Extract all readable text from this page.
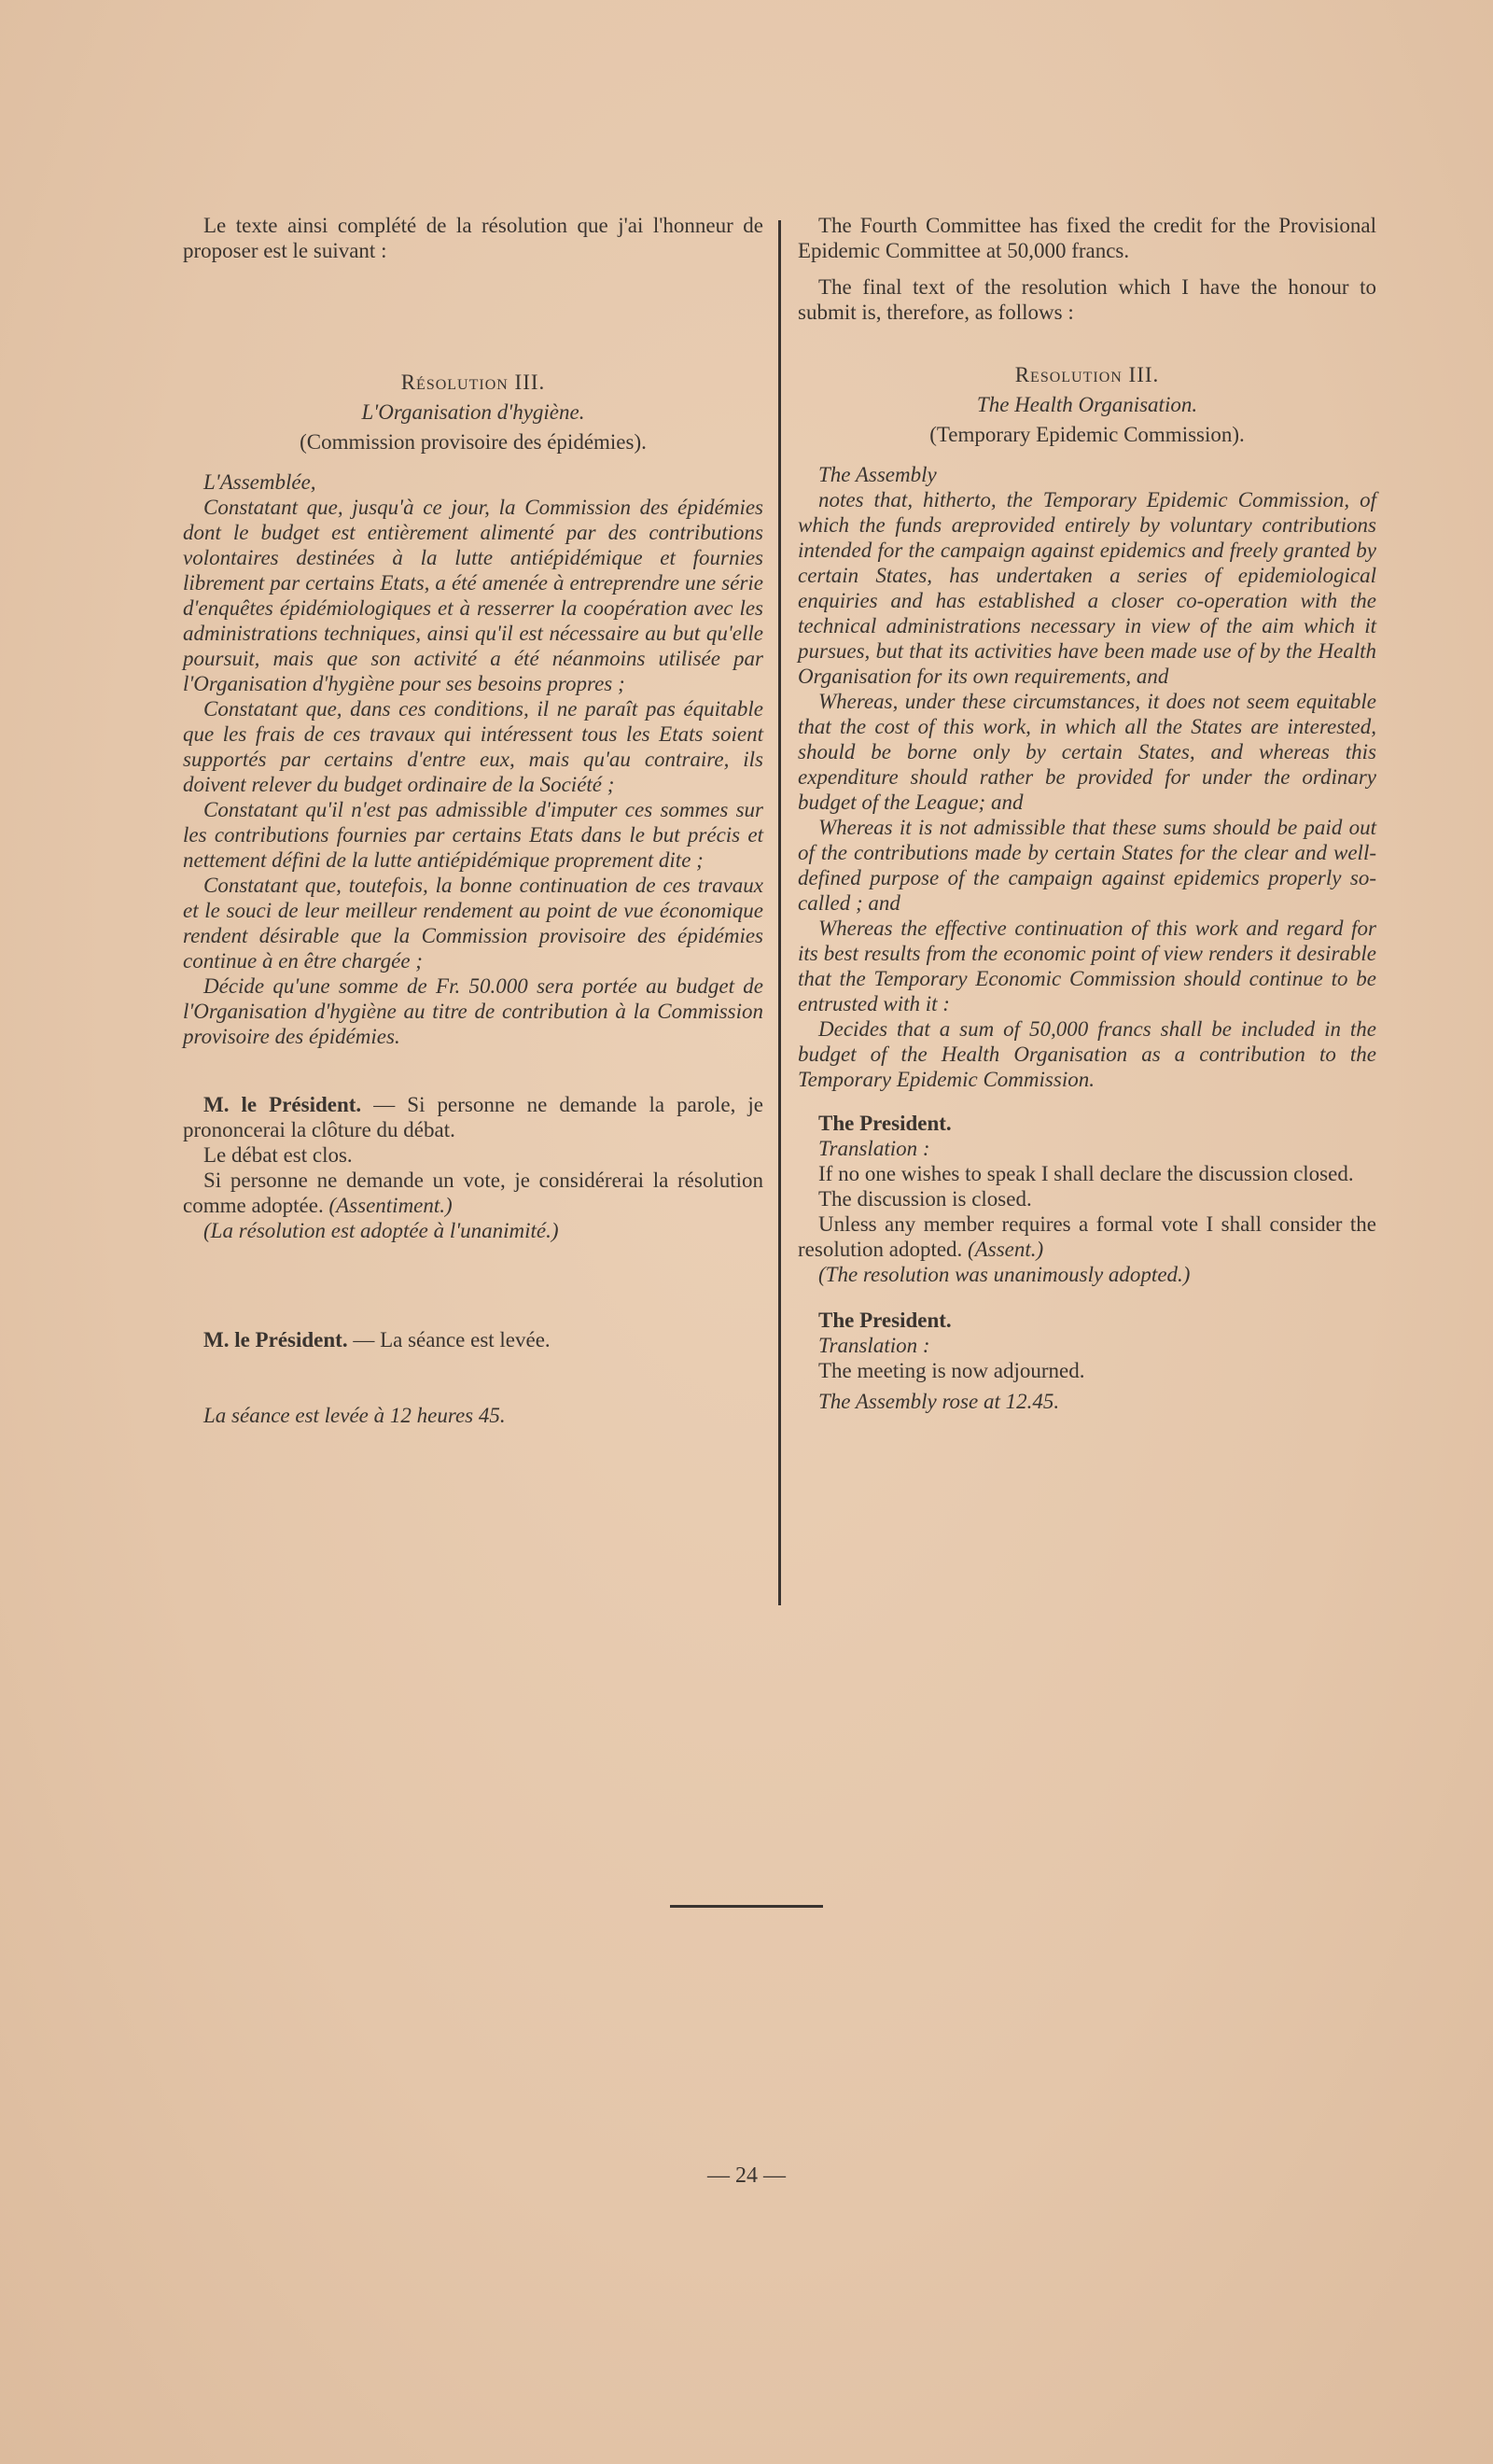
Le texte ainsi complété de la résolution que j'ai l'honneur de proposer est le suivant :

Résolution III.

L'Organisation d'hygiène.

(Commission provisoire des épidémies).

L'Assemblée,

Constatant que, jusqu'à ce jour, la Commission des épidémies dont le budget est entièrement alimenté par des contributions volontaires destinées à la lutte antiépidémique et fournies librement par certains Etats, a été amenée à entreprendre une série d'enquêtes épidémiologiques et à resserrer la coopération avec les administrations techniques, ainsi qu'il est nécessaire au but qu'elle poursuit, mais que son activité a été néanmoins utilisée par l'Organisation d'hygiène pour ses besoins propres ;

Constatant que, dans ces conditions, il ne paraît pas équitable que les frais de ces travaux qui intéressent tous les Etats soient supportés par certains d'entre eux, mais qu'au contraire, ils doivent relever du budget ordinaire de la Société ;

Constatant qu'il n'est pas admissible d'imputer ces sommes sur les contributions fournies par certains Etats dans le but précis et nettement défini de la lutte antiépidémique proprement dite ;

Constatant que, toutefois, la bonne continuation de ces travaux et le souci de leur meilleur rendement au point de vue économique rendent désirable que la Commission provisoire des épidémies continue à en être chargée ;

Décide qu'une somme de Fr. 50.000 sera portée au budget de l'Organisation d'hygiène au titre de contribution à la Commission provisoire des épidémies.

M. le Président. — Si personne ne demande la parole, je prononcerai la clôture du débat.

Le débat est clos.

Si personne ne demande un vote, je considérerai la résolution comme adoptée. (Assentiment.)

(La résolution est adoptée à l'unanimité.)

M. le Président. — La séance est levée.

La séance est levée à 12 heures 45.

The Fourth Committee has fixed the credit for the Provisional Epidemic Committee at 50,000 francs.

The final text of the resolution which I have the honour to submit is, therefore, as follows :

Resolution III.

The Health Organisation.

(Temporary Epidemic Commission).

The Assembly

notes that, hitherto, the Temporary Epidemic Commission, of which the funds areprovided entirely by voluntary contributions intended for the campaign against epidemics and freely granted by certain States, has undertaken a series of epidemiological enquiries and has established a closer co-operation with the technical administrations necessary in view of the aim which it pursues, but that its activities have been made use of by the Health Organisation for its own requirements, and

Whereas, under these circumstances, it does not seem equitable that the cost of this work, in which all the States are interested, should be borne only by certain States, and whereas this expenditure should rather be provided for under the ordinary budget of the League; and

Whereas it is not admissible that these sums should be paid out of the contributions made by certain States for the clear and well-defined purpose of the campaign against epidemics properly so-called ; and

Whereas the effective continuation of this work and regard for its best results from the economic point of view renders it desirable that the Temporary Economic Commission should continue to be entrusted with it :

Decides that a sum of 50,000 francs shall be included in the budget of the Health Organisation as a contribution to the Temporary Epidemic Commission.

The President.

Translation :

If no one wishes to speak I shall declare the discussion closed.

The discussion is closed.

Unless any member requires a formal vote I shall consider the resolution adopted. (Assent.)

(The resolution was unanimously adopted.)

The President.

Translation :

The meeting is now adjourned.

The Assembly rose at 12.45.

— 24 —
